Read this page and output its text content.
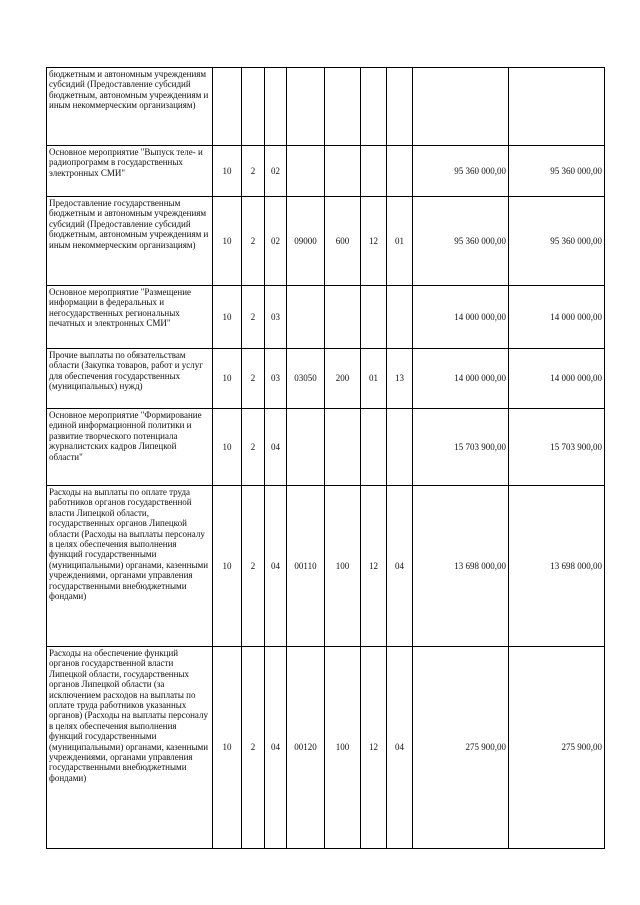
бюджетным и автономным учреждениям субсидий (Предоставление субсидий бюджетным, автономным учреждениям и иным некоммерческим организациям)									
Основное мероприятие "Выпуск теле- и радиопрограмм в государственных электронных СМИ"	10	2	02					95 360 000,00	95 360 000,00
Предоставление государственным бюджетным и автономным учреждениям субсидий (Предоставление субсидий бюджетным, автономным учреждениям и иным некоммерческим организациям)	10	2	02	09000	600	12	01	95 360 000,00	95 360 000,00
Основное мероприятие "Размещение информации в федеральных и негосударственных региональных печатных и электронных СМИ"	10	2	03					14 000 000,00	14 000 000,00
Прочие выплаты по обязательствам области (Закупка товаров, работ и услуг для обеспечения государственных (муниципальных) нужд)	10	2	03	03050	200	01	13	14 000 000,00	14 000 000,00
Основное мероприятие "Формирование единой информационной политики и развитие творческого потенциала журналистских кадров Липецкой области"	10	2	04					15 703 900,00	15 703 900,00
Расходы на выплаты по оплате труда работников органов государственной власти Липецкой области, государственных органов Липецкой области (Расходы на выплаты персоналу в целях обеспечения выполнения функций государственными (муниципальными) органами, казенными учреждениями, органами управления государственными внебюджетными фондами)	10	2	04	00110	100	12	04	13 698 000,00	13 698 000,00
Расходы на обеспечение функций органов государственной власти Липецкой области, государственных органов Липецкой области (за исключением расходов на выплаты по оплате труда работников указанных органов) (Расходы на выплаты персоналу в целях обеспечения выполнения функций государственными (муниципальными) органами, казенными учреждениями, органами управления государственными внебюджетными фондами)	10	2	04	00120	100	12	04	275 900,00	275 900,00
